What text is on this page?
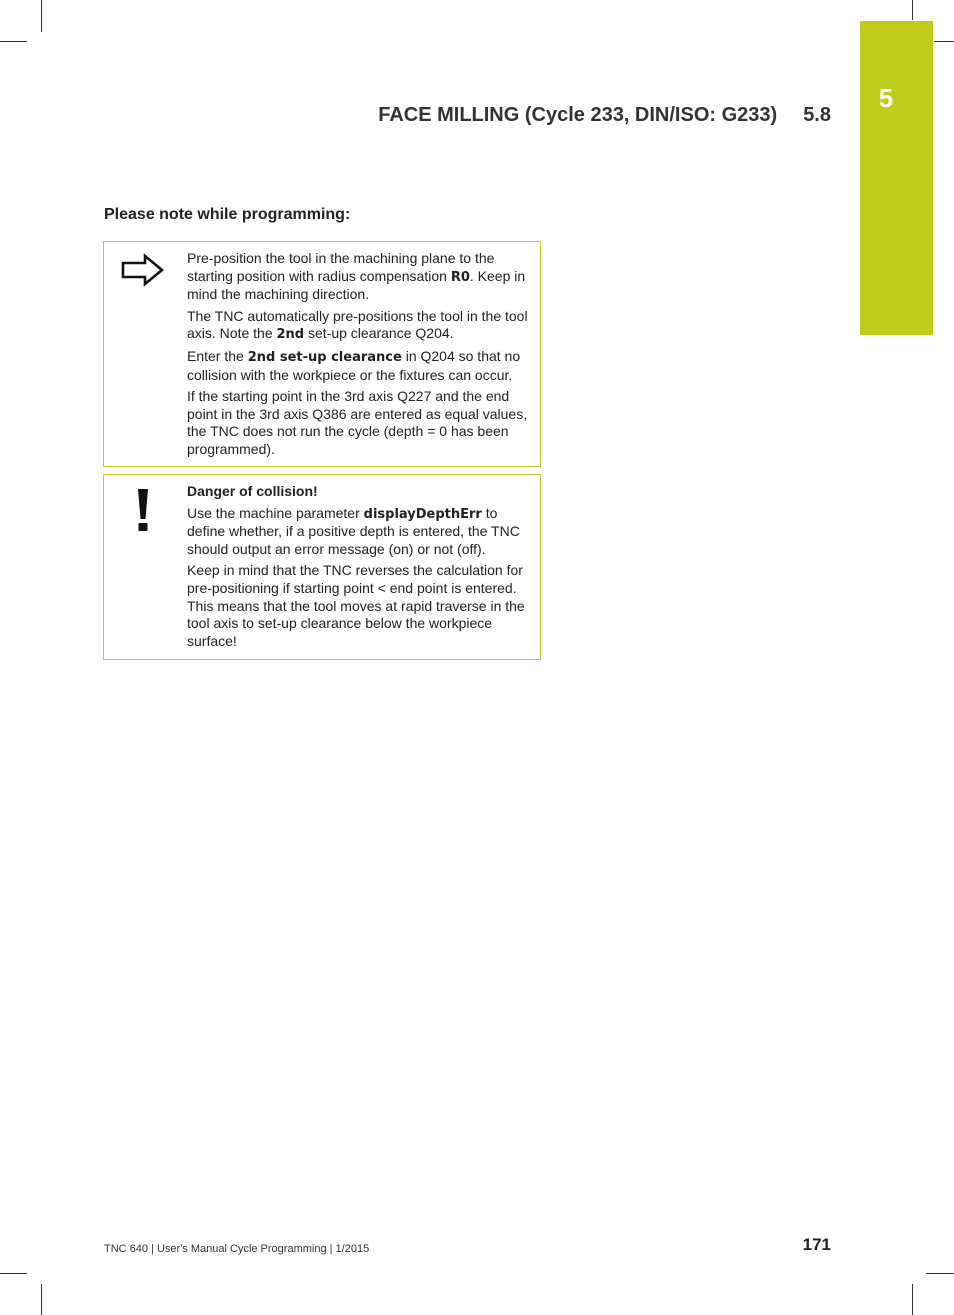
5
FACE MILLING (Cycle 233, DIN/ISO: G233) 5.8
Please note while programming:

Pre-position the tool in the machining plane to the starting position with radius compensation R0. Keep in mind the machining direction.

The TNC automatically pre-positions the tool in the tool axis. Note the 2nd set-up clearance Q204.

Enter the 2nd set-up clearance in Q204 so that no collision with the workpiece or the fixtures can occur.

If the starting point in the 3rd axis Q227 and the end point in the 3rd axis Q386 are entered as equal values, the TNC does not run the cycle (depth = 0 has been programmed).

Danger of collision!

Use the machine parameter displayDepthErr to define whether, if a positive depth is entered, the TNC should output an error message (on) or not (off).

Keep in mind that the TNC reverses the calculation for pre-positioning if starting point < end point is entered. This means that the tool moves at rapid traverse in the tool axis to set-up clearance below the workpiece surface!

TNC 640 | User's Manual Cycle Programming | 1/2015	171
